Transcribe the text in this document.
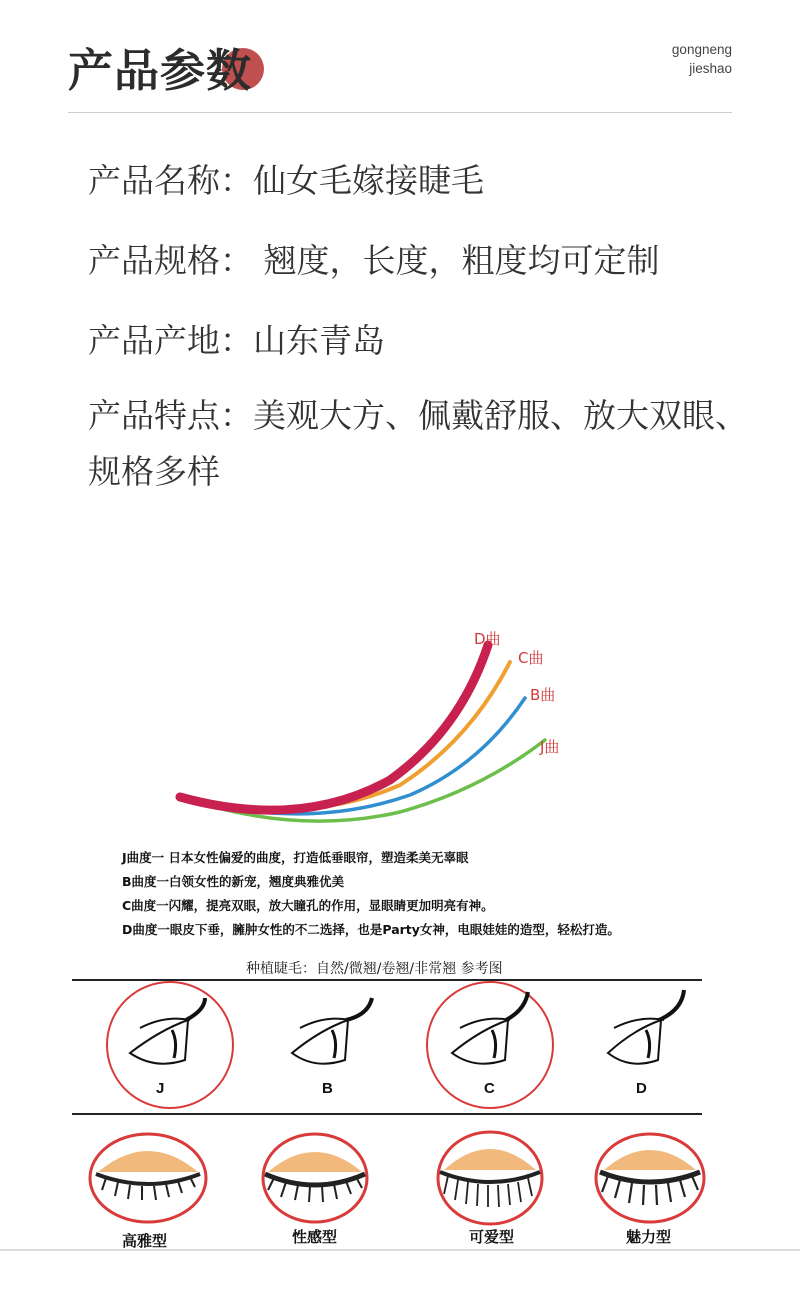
产品参数	gongneng
jieshao
产品名称：仙女毛嫁接睫毛
产品规格： 翘度，长度，粗度均可定制
产品产地：山东青岛
产品特点：美观大方、佩戴舒服、放大双眼、规格多样
D曲
C曲
B曲
J曲
J曲度一 日本女性偏爱的曲度，打造低垂眼帘，塑造柔美无辜眼
B曲度一白领女性的新宠，翘度典雅优美
C曲度一闪耀，提亮双眼，放大瞳孔的作用，显眼睛更加明亮有神。
D曲度一眼皮下垂，臃肿女性的不二选择，也是Party女神，电眼娃娃的造型，轻松打造。
种植睫毛：自然/微翘/卷翘/非常翘 参考图
J	B	C	D
高雅型	性感型	可爱型	魅力型
